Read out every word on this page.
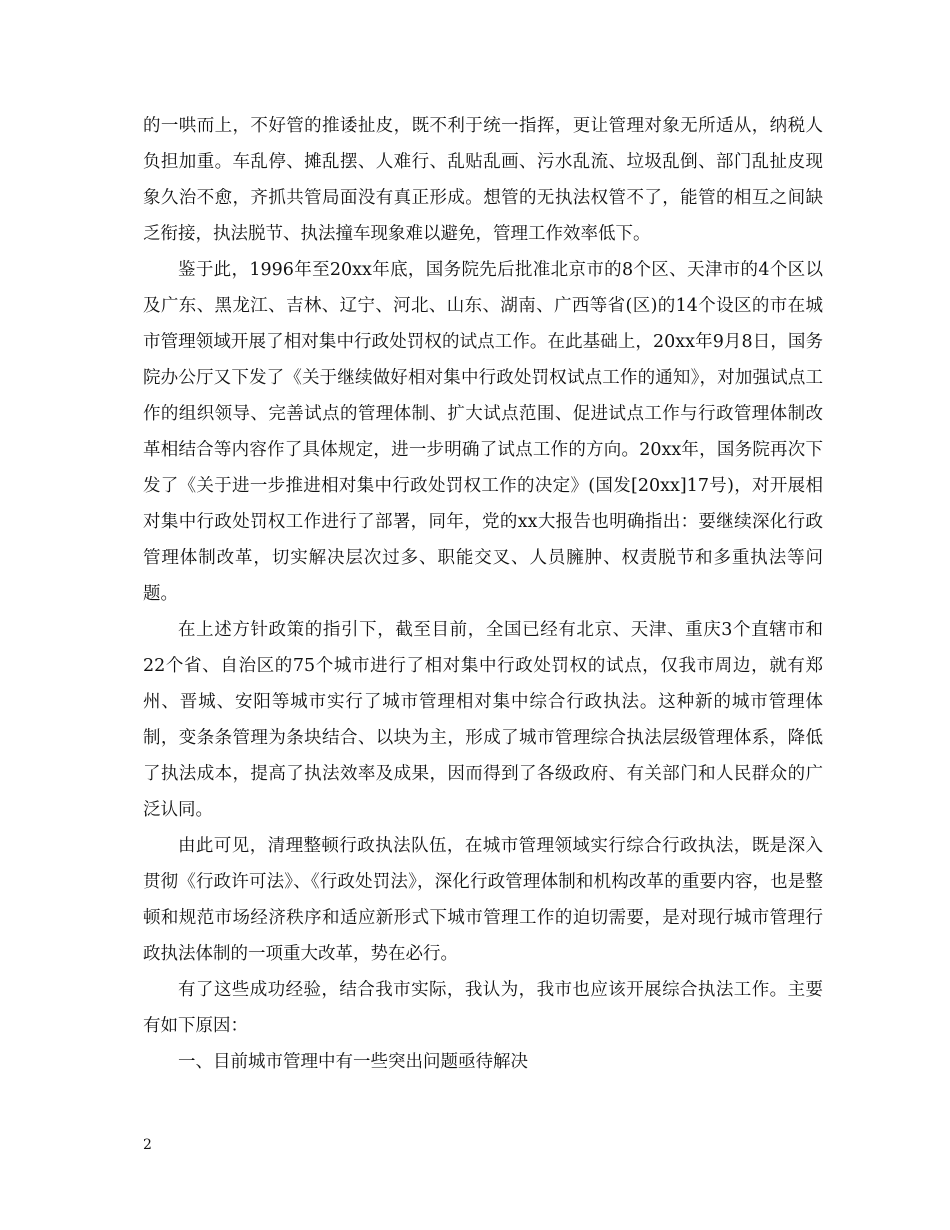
的一哄而上，不好管的推诿扯皮，既不利于统一指挥，更让管理对象无所适从，纳税人负担加重。车乱停、摊乱摆、人难行、乱贴乱画、污水乱流、垃圾乱倒、部门乱扯皮现象久治不愈，齐抓共管局面没有真正形成。想管的无执法权管不了，能管的相互之间缺乏衔接，执法脱节、执法撞车现象难以避免，管理工作效率低下。

鉴于此，1996年至20xx年底，国务院先后批准北京市的8个区、天津市的4个区以及广东、黑龙江、吉林、辽宁、河北、山东、湖南、广西等省(区)的14个设区的市在城市管理领域开展了相对集中行政处罚权的试点工作。在此基础上，20xx年9月8日，国务院办公厅又下发了《关于继续做好相对集中行政处罚权试点工作的通知》，对加强试点工作的组织领导、完善试点的管理体制、扩大试点范围、促进试点工作与行政管理体制改革相结合等内容作了具体规定，进一步明确了试点工作的方向。20xx年，国务院再次下发了《关于进一步推进相对集中行政处罚权工作的决定》(国发[20xx]17号)，对开展相对集中行政处罚权工作进行了部署，同年，党的xx大报告也明确指出：要继续深化行政管理体制改革，切实解决层次过多、职能交叉、人员臃肿、权责脱节和多重执法等问题。

在上述方针政策的指引下，截至目前，全国已经有北京、天津、重庆3个直辖市和22个省、自治区的75个城市进行了相对集中行政处罚权的试点，仅我市周边，就有郑州、晋城、安阳等城市实行了城市管理相对集中综合行政执法。这种新的城市管理体制，变条条管理为条块结合、以块为主，形成了城市管理综合执法层级管理体系，降低了执法成本，提高了执法效率及成果，因而得到了各级政府、有关部门和人民群众的广泛认同。

由此可见，清理整顿行政执法队伍，在城市管理领域实行综合行政执法，既是深入贯彻《行政许可法》、《行政处罚法》，深化行政管理体制和机构改革的重要内容，也是整顿和规范市场经济秩序和适应新形式下城市管理工作的迫切需要，是对现行城市管理行政执法体制的一项重大改革，势在必行。

有了这些成功经验，结合我市实际，我认为，我市也应该开展综合执法工作。主要有如下原因：

一、目前城市管理中有一些突出问题亟待解决

2
